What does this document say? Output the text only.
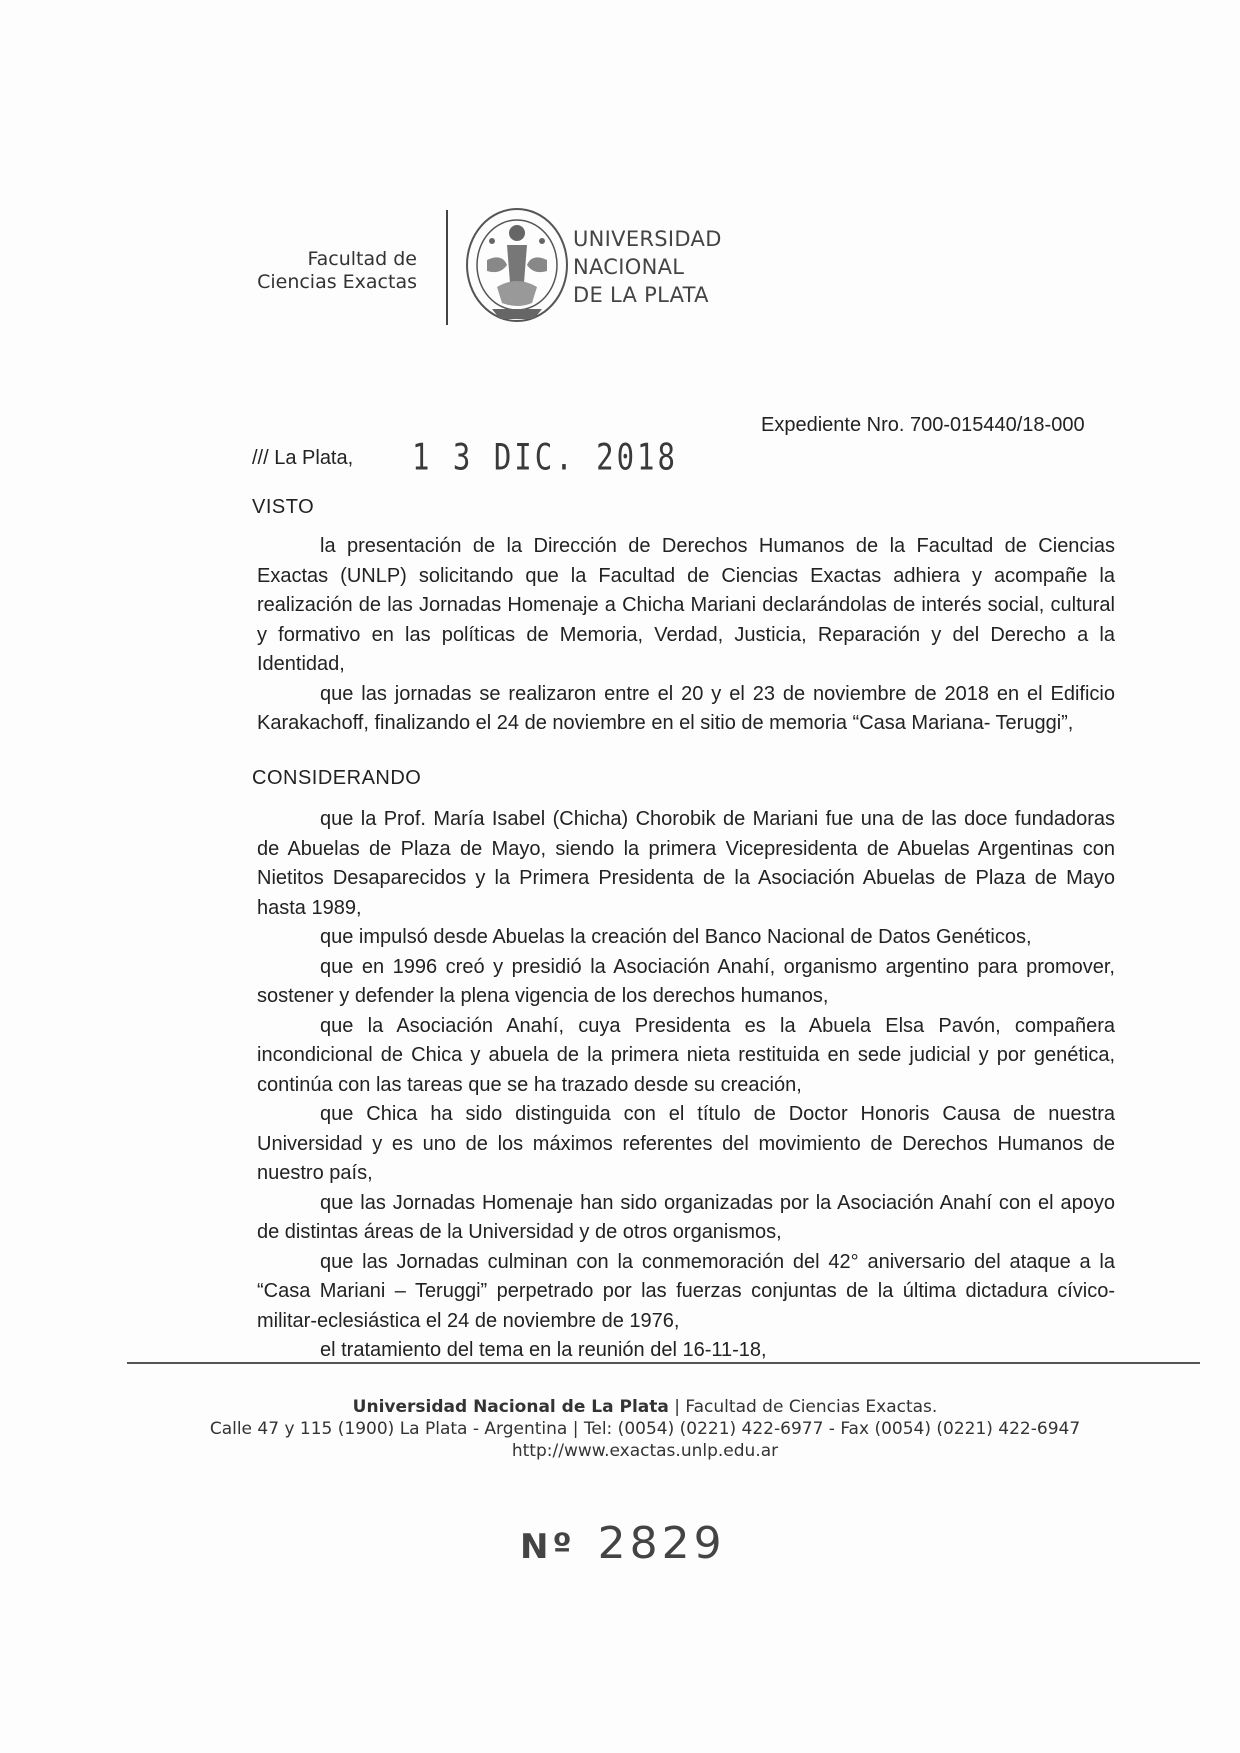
Facultad de
Ciencias Exactas
UNIVERSIDAD
NACIONAL
DE LA PLATA
Expediente Nro. 700-015440/18-000
/// La Plata, 1 3 DIC. 2018
VISTO

la presentación de la Dirección de Derechos Humanos de la Facultad de Ciencias Exactas (UNLP) solicitando que la Facultad de Ciencias Exactas adhiera y acompañe la realización de las Jornadas Homenaje a Chicha Mariani declarándolas de interés social, cultural y formativo en las políticas de Memoria, Verdad, Justicia, Reparación y del Derecho a la Identidad,

que las jornadas se realizaron entre el 20 y el 23 de noviembre de 2018 en el Edificio Karakachoff, finalizando el 24 de noviembre en el sitio de memoria “Casa Mariana- Teruggi”,

CONSIDERANDO

que la Prof. María Isabel (Chicha) Chorobik de Mariani fue una de las doce fundadoras de Abuelas de Plaza de Mayo, siendo la primera Vicepresidenta de Abuelas Argentinas con Nietitos Desaparecidos y la Primera Presidenta de la Asociación Abuelas de Plaza de Mayo hasta 1989,

que impulsó desde Abuelas la creación del Banco Nacional de Datos Genéticos,

que en 1996 creó y presidió la Asociación Anahí, organismo argentino para promover, sostener y defender la plena vigencia de los derechos humanos,

que la Asociación Anahí, cuya Presidenta es la Abuela Elsa Pavón, compañera incondicional de Chica y abuela de la primera nieta restituida en sede judicial y por genética, continúa con las tareas que se ha trazado desde su creación,

que Chica ha sido distinguida con el título de Doctor Honoris Causa de nuestra Universidad y es uno de los máximos referentes del movimiento de Derechos Humanos de nuestro país,

que las Jornadas Homenaje han sido organizadas por la Asociación Anahí con el apoyo de distintas áreas de la Universidad y de otros organismos,

que las Jornadas culminan con la conmemoración del 42° aniversario del ataque a la “Casa Mariani – Teruggi” perpetrado por las fuerzas conjuntas de la última dictadura cívico-militar-eclesiástica el 24 de noviembre de 1976,

el tratamiento del tema en la reunión del 16-11-18,

Universidad Nacional de La Plata | Facultad de Ciencias Exactas.
Calle 47 y 115 (1900) La Plata - Argentina | Tel: (0054) (0221) 422-6977 - Fax (0054) (0221) 422-6947
http://www.exactas.unlp.edu.ar
Nº 2829
